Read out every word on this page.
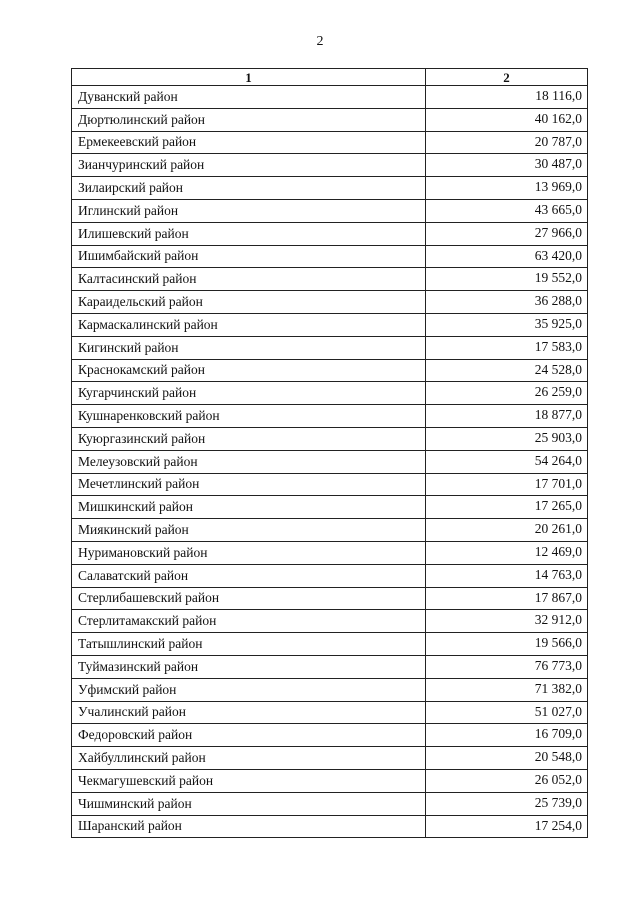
2
1	2
Дуванский район	18 116,0
Дюртюлинский район	40 162,0
Ермекеевский район	20 787,0
Зианчуринский район	30 487,0
Зилаирский район	13 969,0
Иглинский район	43 665,0
Илишевский район	27 966,0
Ишимбайский район	63 420,0
Калтасинский район	19 552,0
Караидельский район	36 288,0
Кармаскалинский район	35 925,0
Кигинский район	17 583,0
Краснокамский район	24 528,0
Кугарчинский район	26 259,0
Кушнаренковский район	18 877,0
Куюргазинский район	25 903,0
Мелеузовский район	54 264,0
Мечетлинский район	17 701,0
Мишкинский район	17 265,0
Миякинский район	20 261,0
Нуримановский район	12 469,0
Салаватский район	14 763,0
Стерлибашевский район	17 867,0
Стерлитамакский район	32 912,0
Татышлинский район	19 566,0
Туймазинский район	76 773,0
Уфимский район	71 382,0
Учалинский район	51 027,0
Федоровский район	16 709,0
Хайбуллинский район	20 548,0
Чекмагушевский район	26 052,0
Чишминский район	25 739,0
Шаранский район	17 254,0
